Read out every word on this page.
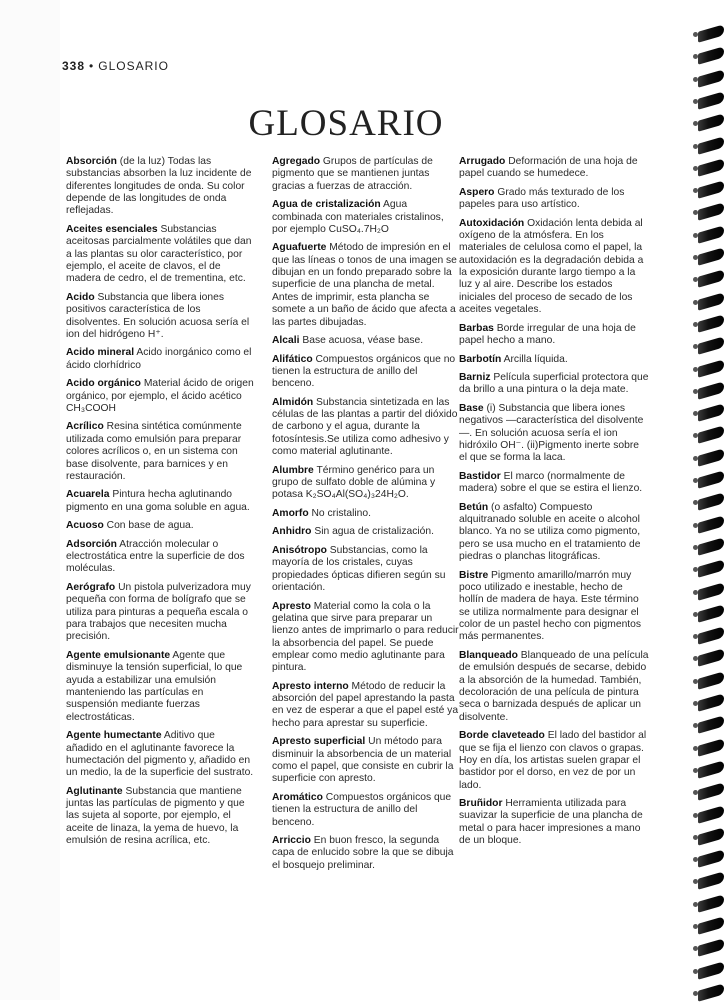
338 • GLOSARIO
GLOSARIO

Absorción (de la luz) Todas las substancias absorben la luz incidente de diferentes longitudes de onda. Su color depende de las longitudes de onda reflejadas.

Aceites esenciales Substancias aceitosas parcialmente volátiles que dan a las plantas su olor característico, por ejemplo, el aceite de clavos, el de madera de cedro, el de trementina, etc.

Acido Substancia que libera iones positivos característica de los disolventes. En solución acuosa sería el ion del hidrógeno H⁺.

Acido mineral Acido inorgánico como el ácido clorhídrico

Acido orgánico Material ácido de origen orgánico, por ejemplo, el ácido acético CH₃COOH

Acrílico Resina sintética comúnmente utilizada como emulsión para preparar colores acrílicos o, en un sistema con base disolvente, para barnices y en restauración.

Acuarela Pintura hecha aglutinando pigmento en una goma soluble en agua.

Acuoso Con base de agua.

Adsorción Atracción molecular o electrostática entre la superficie de dos moléculas.

Aerógrafo Un pistola pulverizadora muy pequeña con forma de bolígrafo que se utiliza para pinturas a pequeña escala o para trabajos que necesiten mucha precisión.

Agente emulsionante Agente que disminuye la tensión superficial, lo que ayuda a estabilizar una emulsión manteniendo las partículas en suspensión mediante fuerzas electrostáticas.

Agente humectante Aditivo que añadido en el aglutinante favorece la humectación del pigmento y, añadido en un medio, la de la superficie del sustrato.

Aglutinante Substancia que mantiene juntas las partículas de pigmento y que las sujeta al soporte, por ejemplo, el aceite de linaza, la yema de huevo, la emulsión de resina acrílica, etc.

Agregado Grupos de partículas de pigmento que se mantienen juntas gracias a fuerzas de atracción.

Agua de cristalización Agua combinada con materiales cristalinos, por ejemplo CuSO₄.7H₂O

Aguafuerte Método de impresión en el que las líneas o tonos de una imagen se dibujan en un fondo preparado sobre la superficie de una plancha de metal. Antes de imprimir, esta plancha se somete a un baño de ácido que afecta a las partes dibujadas.

Alcali Base acuosa, véase base.

Alifático Compuestos orgánicos que no tienen la estructura de anillo del benceno.

Almidón Substancia sintetizada en las células de las plantas a partir del dióxido de carbono y el agua, durante la fotosíntesis.Se utiliza como adhesivo y como material aglutinante.

Alumbre Término genérico para un grupo de sulfato doble de alúmina y potasa K₂SO₄Al(SO₄)₃24H₂O.

Amorfo No cristalino.

Anhidro Sin agua de cristalización.

Anisótropo Substancias, como la mayoría de los cristales, cuyas propiedades ópticas difieren según su orientación.

Apresto Material como la cola o la gelatina que sirve para preparar un lienzo antes de imprimarlo o para reducir la absorbencia del papel. Se puede emplear como medio aglutinante para pintura.

Apresto interno Método de reducir la absorción del papel aprestando la pasta en vez de esperar a que el papel esté ya hecho para aprestar su superficie.

Apresto superficial Un método para disminuir la absorbencia de un material como el papel, que consiste en cubrir la superficie con apresto.

Aromático Compuestos orgánicos que tienen la estructura de anillo del benceno.

Arriccio En buon fresco, la segunda capa de enlucido sobre la que se dibuja el bosquejo preliminar.

Arrugado Deformación de una hoja de papel cuando se humedece.

Aspero Grado más texturado de los papeles para uso artístico.

Autoxidación Oxidación lenta debida al oxígeno de la atmósfera. En los materiales de celulosa como el papel, la autoxidación es la degradación debida a la exposición durante largo tiempo a la luz y al aire. Describe los estados iniciales del proceso de secado de los aceites vegetales.

Barbas Borde irregular de una hoja de papel hecho a mano.

Barbotín Arcilla líquida.

Barniz Película superficial protectora que da brillo a una pintura o la deja mate.

Base (i) Substancia que libera iones negativos —característica del disolvente—. En solución acuosa sería el ion hidróxilo OH⁻. (ii)Pigmento inerte sobre el que se forma la laca.

Bastidor El marco (normalmente de madera) sobre el que se estira el lienzo.

Betún (o asfalto) Compuesto alquitranado soluble en aceite o alcohol blanco. Ya no se utiliza como pigmento, pero se usa mucho en el tratamiento de piedras o planchas litográficas.

Bistre Pigmento amarillo/marrón muy poco utilizado e inestable, hecho de hollín de madera de haya. Este término se utiliza normalmente para designar el color de un pastel hecho con pigmentos más permanentes.

Blanqueado Blanqueado de una película de emulsión después de secarse, debido a la absorción de la humedad. También, decoloración de una película de pintura seca o barnizada después de aplicar un disolvente.

Borde claveteado El lado del bastidor al que se fija el lienzo con clavos o grapas. Hoy en día, los artistas suelen grapar el bastidor por el dorso, en vez de por un lado.

Bruñidor Herramienta utilizada para suavizar la superficie de una plancha de metal o para hacer impresiones a mano de un bloque.
